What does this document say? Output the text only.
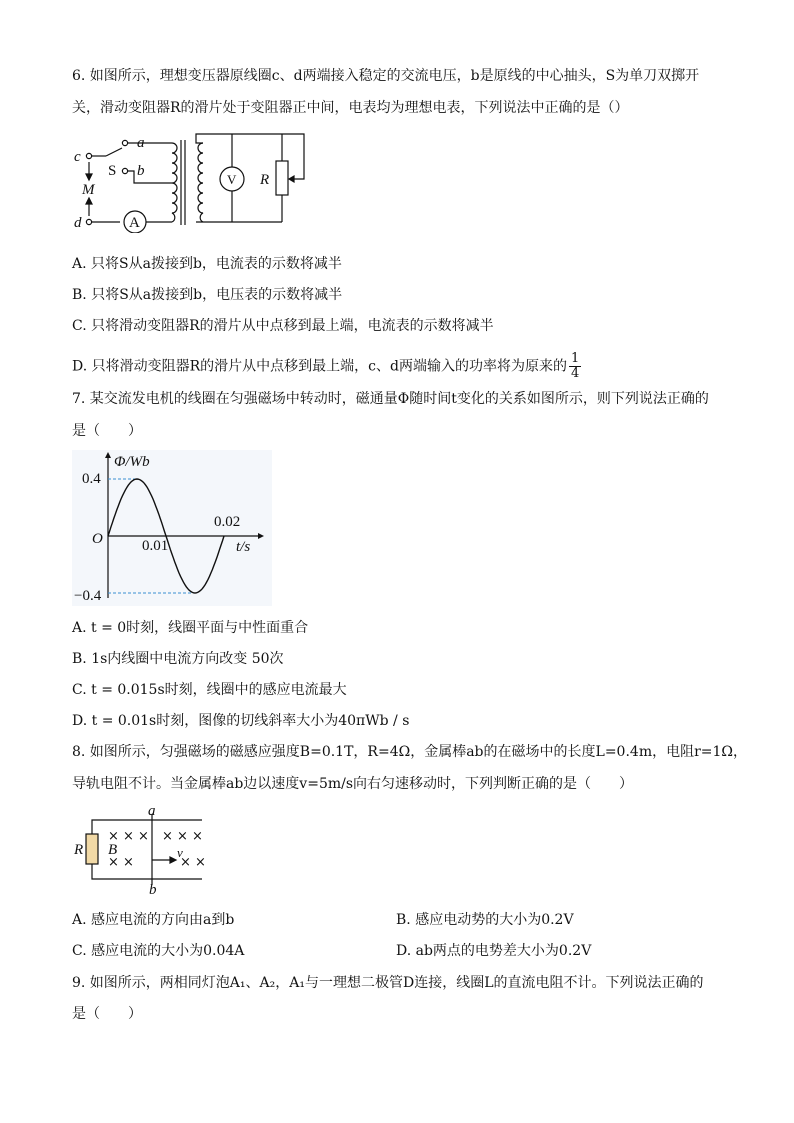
6. 如图所示，理想变压器原线圈c、d两端接入稳定的交流电压，b是原线的中心抽头，S为单刀双掷开
关，滑动变阻器R的滑片处于变阻器正中间，电表均为理想电表，下列说法中正确的是（）
c
d
a
b
S
M
A
V R
A. 只将S从a拨接到b，电流表的示数将减半
B. 只将S从a拨接到b，电压表的示数将减半
C. 只将滑动变阻器R的滑片从中点移到最上端，电流表的示数将减半
D. 只将滑动变阻器R的滑片从中点移到最上端，c、d两端输入的功率将为原来的 $\frac{1}{4}$
7. 某交流发电机的线圈在匀强磁场中转动时，磁通量Φ随时间t变化的关系如图所示，则下列说法正确的
是（　　）
Φ/Wb
t/s
O	0.01
0.02
0.4
−0.4
A. t = 0时刻，线圈平面与中性面重合
B. 1s内线圈中电流方向改变 50次
C. t = 0.015s时刻，线圈中的感应电流最大
D. t = 0.01s时刻，图像的切线斜率大小为40πWb / s
8. 如图所示，匀强磁场的磁感应强度B=0.1T，R=4Ω，金属棒ab的在磁场中的长度L=0.4m，电阻r=1Ω，
导轨电阻不计。当金属棒ab边以速度v=5m/s向右匀速移动时，下列判断正确的是（　　）
× × ×
× ×
× × ×
× ×
a
b
R B	v
A. 感应电流的方向由a到b	B. 感应电动势的大小为0.2V
C. 感应电流的大小为0.04A	D. ab两点的电势差大小为0.2V
9. 如图所示，两相同灯泡A₁、A₂，A₁与一理想二极管D连接，线圈L的直流电阻不计。下列说法正确的
是（　　）
